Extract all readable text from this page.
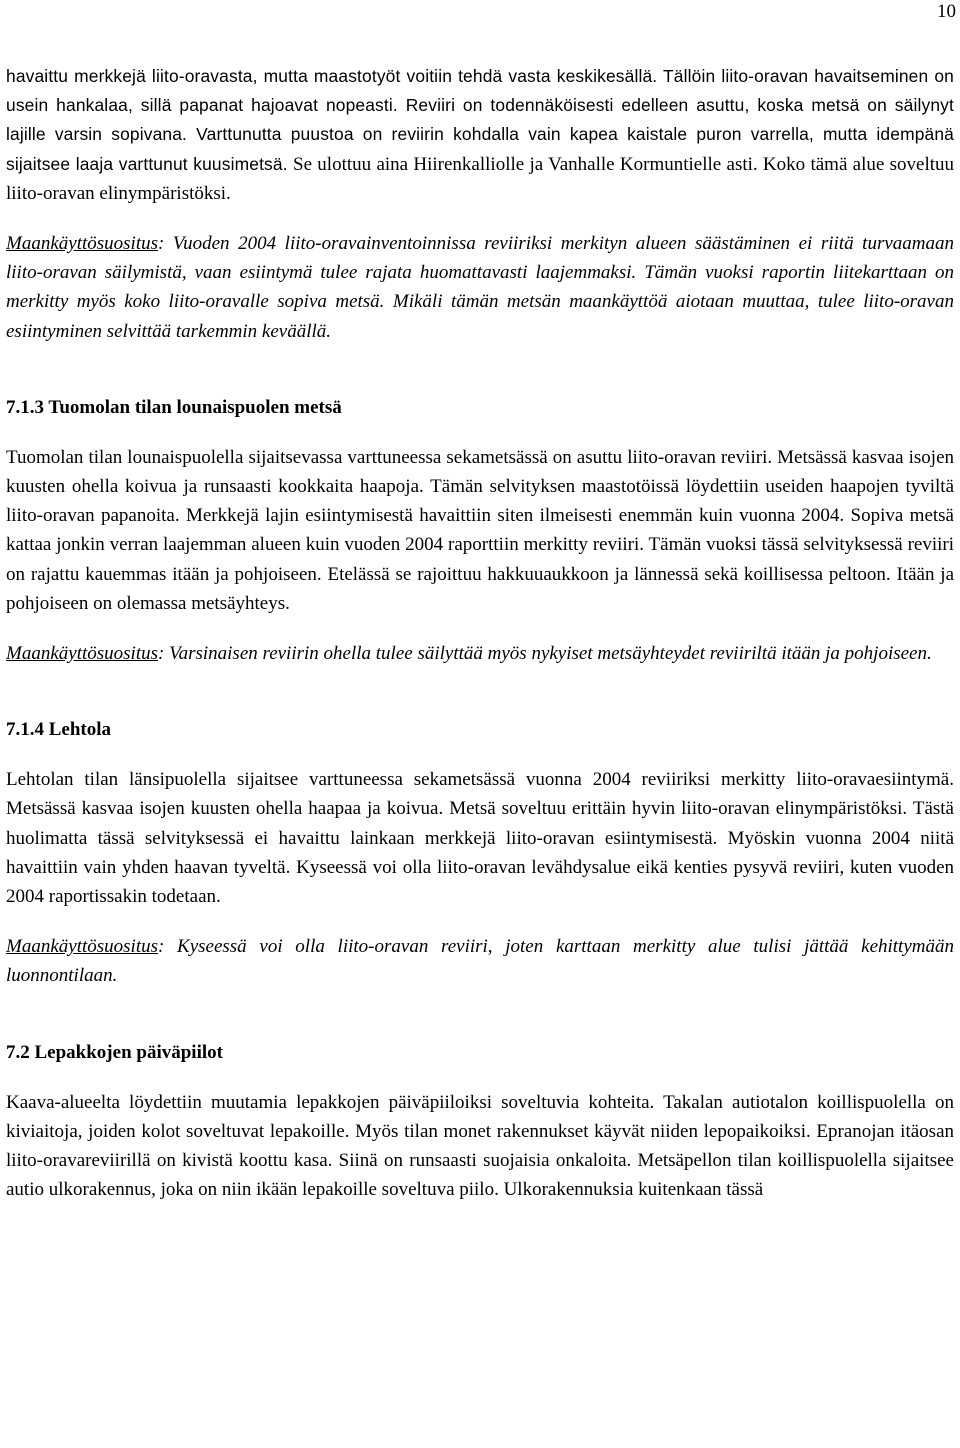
10

havaittu merkkejä liito-oravasta, mutta maastotyöt voitiin tehdä vasta keskikesällä. Tällöin liito-oravan havaitseminen on usein hankalaa, sillä papanat hajoavat nopeasti. Reviiri on todennäköisesti edelleen asuttu, koska metsä on säilynyt lajille varsin sopivana. Varttunutta puustoa on reviirin kohdalla vain kapea kaistale puron varrella, mutta idempänä sijaitsee laaja varttunut kuusimetsä. Se ulottuu aina Hiirenkalliolle ja Vanhalle Kormuntielle asti. Koko tämä alue soveltuu liito-oravan elinympäristöksi.

Maankäyttösuositus: Vuoden 2004 liito-oravainventoinnissa reviiriksi merkityn alueen säästäminen ei riitä turvaamaan liito-oravan säilymistä, vaan esiintymä tulee rajata huomattavasti laajemmaksi. Tämän vuoksi raportin liitekarttaan on merkitty myös koko liito-oravalle sopiva metsä. Mikäli tämän metsän maankäyttöä aiotaan muuttaa, tulee liito-oravan esiintyminen selvittää tarkemmin keväällä.

7.1.3 Tuomolan tilan lounaispuolen metsä

Tuomolan tilan lounaispuolella sijaitsevassa varttuneessa sekametsässä on asuttu liito-oravan reviiri. Metsässä kasvaa isojen kuusten ohella koivua ja runsaasti kookkaita haapoja. Tämän selvityksen maastotöissä löydettiin useiden haapojen tyviltä liito-oravan papanoita. Merkkejä lajin esiintymisestä havaittiin siten ilmeisesti enemmän kuin vuonna 2004. Sopiva metsä kattaa jonkin verran laajemman alueen kuin vuoden 2004 raporttiin merkitty reviiri. Tämän vuoksi tässä selvityksessä reviiri on rajattu kauemmas itään ja pohjoiseen. Etelässä se rajoittuu hakkuuaukkoon ja lännessä sekä koillisessa peltoon. Itään ja pohjoiseen on olemassa metsäyhteys.

Maankäyttösuositus: Varsinaisen reviirin ohella tulee säilyttää myös nykyiset metsäyhteydet reviiriltä itään ja pohjoiseen.

7.1.4 Lehtola

Lehtolan tilan länsipuolella sijaitsee varttuneessa sekametsässä vuonna 2004 reviiriksi merkitty liito-oravaesiintymä. Metsässä kasvaa isojen kuusten ohella haapaa ja koivua. Metsä soveltuu erittäin hyvin liito-oravan elinympäristöksi. Tästä huolimatta tässä selvityksessä ei havaittu lainkaan merkkejä liito-oravan esiintymisestä. Myöskin vuonna 2004 niitä havaittiin vain yhden haavan tyveltä. Kyseessä voi olla liito-oravan levähdysalue eikä kenties pysyvä reviiri, kuten vuoden 2004 raportissakin todetaan.

Maankäyttösuositus: Kyseessä voi olla liito-oravan reviiri, joten karttaan merkitty alue tulisi jättää kehittymään luonnontilaan.

7.2 Lepakkojen päiväpiilot

Kaava-alueelta löydettiin muutamia lepakkojen päiväpiiloiksi soveltuvia kohteita. Takalan autiotalon koillispuolella on kiviaitoja, joiden kolot soveltuvat lepakoille. Myös tilan monet rakennukset käyvät niiden lepopaikoiksi. Epranojan itäosan liito-oravareviirillä on kivistä koottu kasa. Siinä on runsaasti suojaisia onkaloita. Metsäpellon tilan koillispuolella sijaitsee autio ulkorakennus, joka on niin ikään lepakoille soveltuva piilo. Ulkorakennuksia kuitenkaan tässä
